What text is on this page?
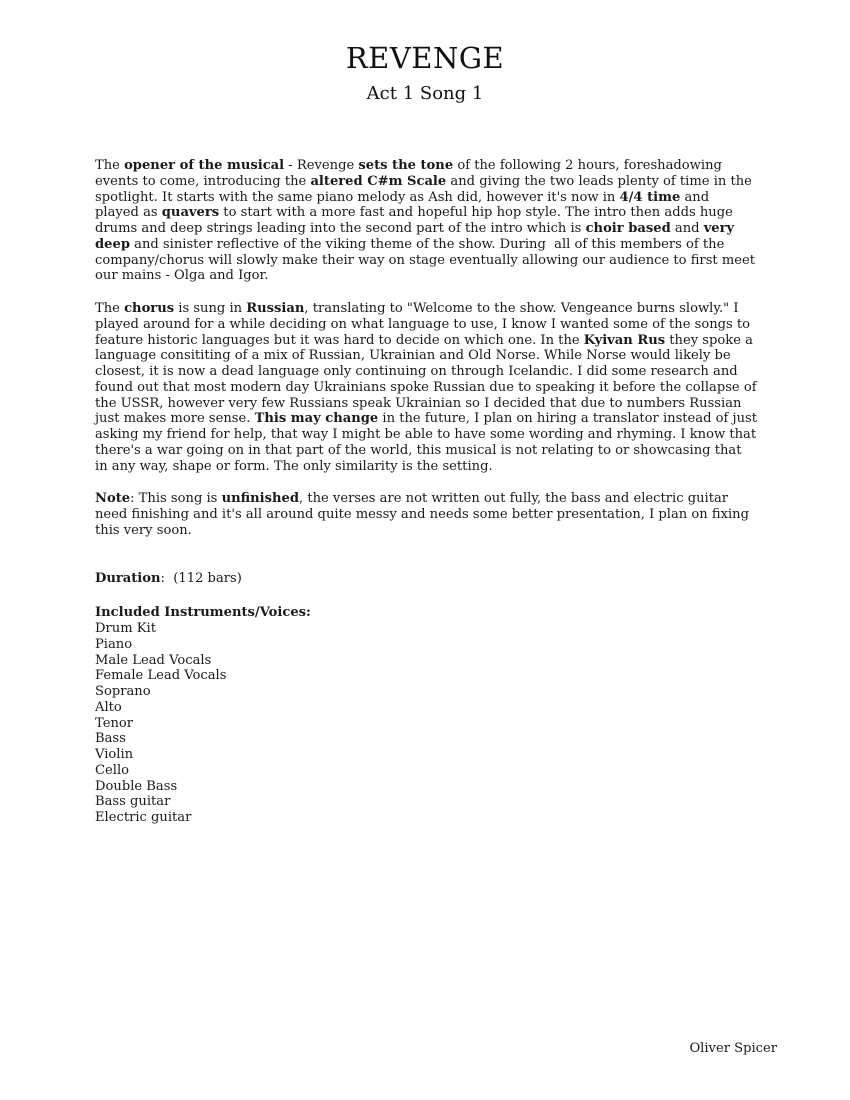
REVENGE
Act 1 Song 1

The opener of the musical - Revenge sets the tone of the following 2 hours, foreshadowing events to come, introducing the altered C#m Scale and giving the two leads plenty of time in the spotlight. It starts with the same piano melody as Ash did, however it's now in 4/4 time and played as quavers to start with a more fast and hopeful hip hop style. The intro then adds huge drums and deep strings leading into the second part of the intro which is choir based and very deep and sinister reflective of the viking theme of the show. During  all of this members of the company/chorus will slowly make their way on stage eventually allowing our audience to first meet our mains - Olga and Igor.

The chorus is sung in Russian, translating to "Welcome to the show. Vengeance burns slowly." I played around for a while deciding on what language to use, I know I wanted some of the songs to feature historic languages but it was hard to decide on which one. In the Kyivan Rus they spoke a language consititing of a mix of Russian, Ukrainian and Old Norse. While Norse would likely be closest, it is now a dead language only continuing on through Icelandic. I did some research and found out that most modern day Ukrainians spoke Russian due to speaking it before the collapse of the USSR, however very few Russians speak Ukrainian so I decided that due to numbers Russian just makes more sense. This may change in the future, I plan on hiring a translator instead of just asking my friend for help, that way I might be able to have some wording and rhyming. I know that there's a war going on in that part of the world, this musical is not relating to or showcasing that in any way, shape or form. The only similarity is the setting.

Note: This song is unfinished, the verses are not written out fully, the bass and electric guitar need finishing and it's all around quite messy and needs some better presentation, I plan on fixing this very soon.

Duration:  (112 bars)

Included Instruments/Voices:
Drum Kit
Piano
Male Lead Vocals
Female Lead Vocals
Soprano
Alto
Tenor
Bass
Violin
Cello
Double Bass
Bass guitar
Electric guitar
Oliver Spicer
